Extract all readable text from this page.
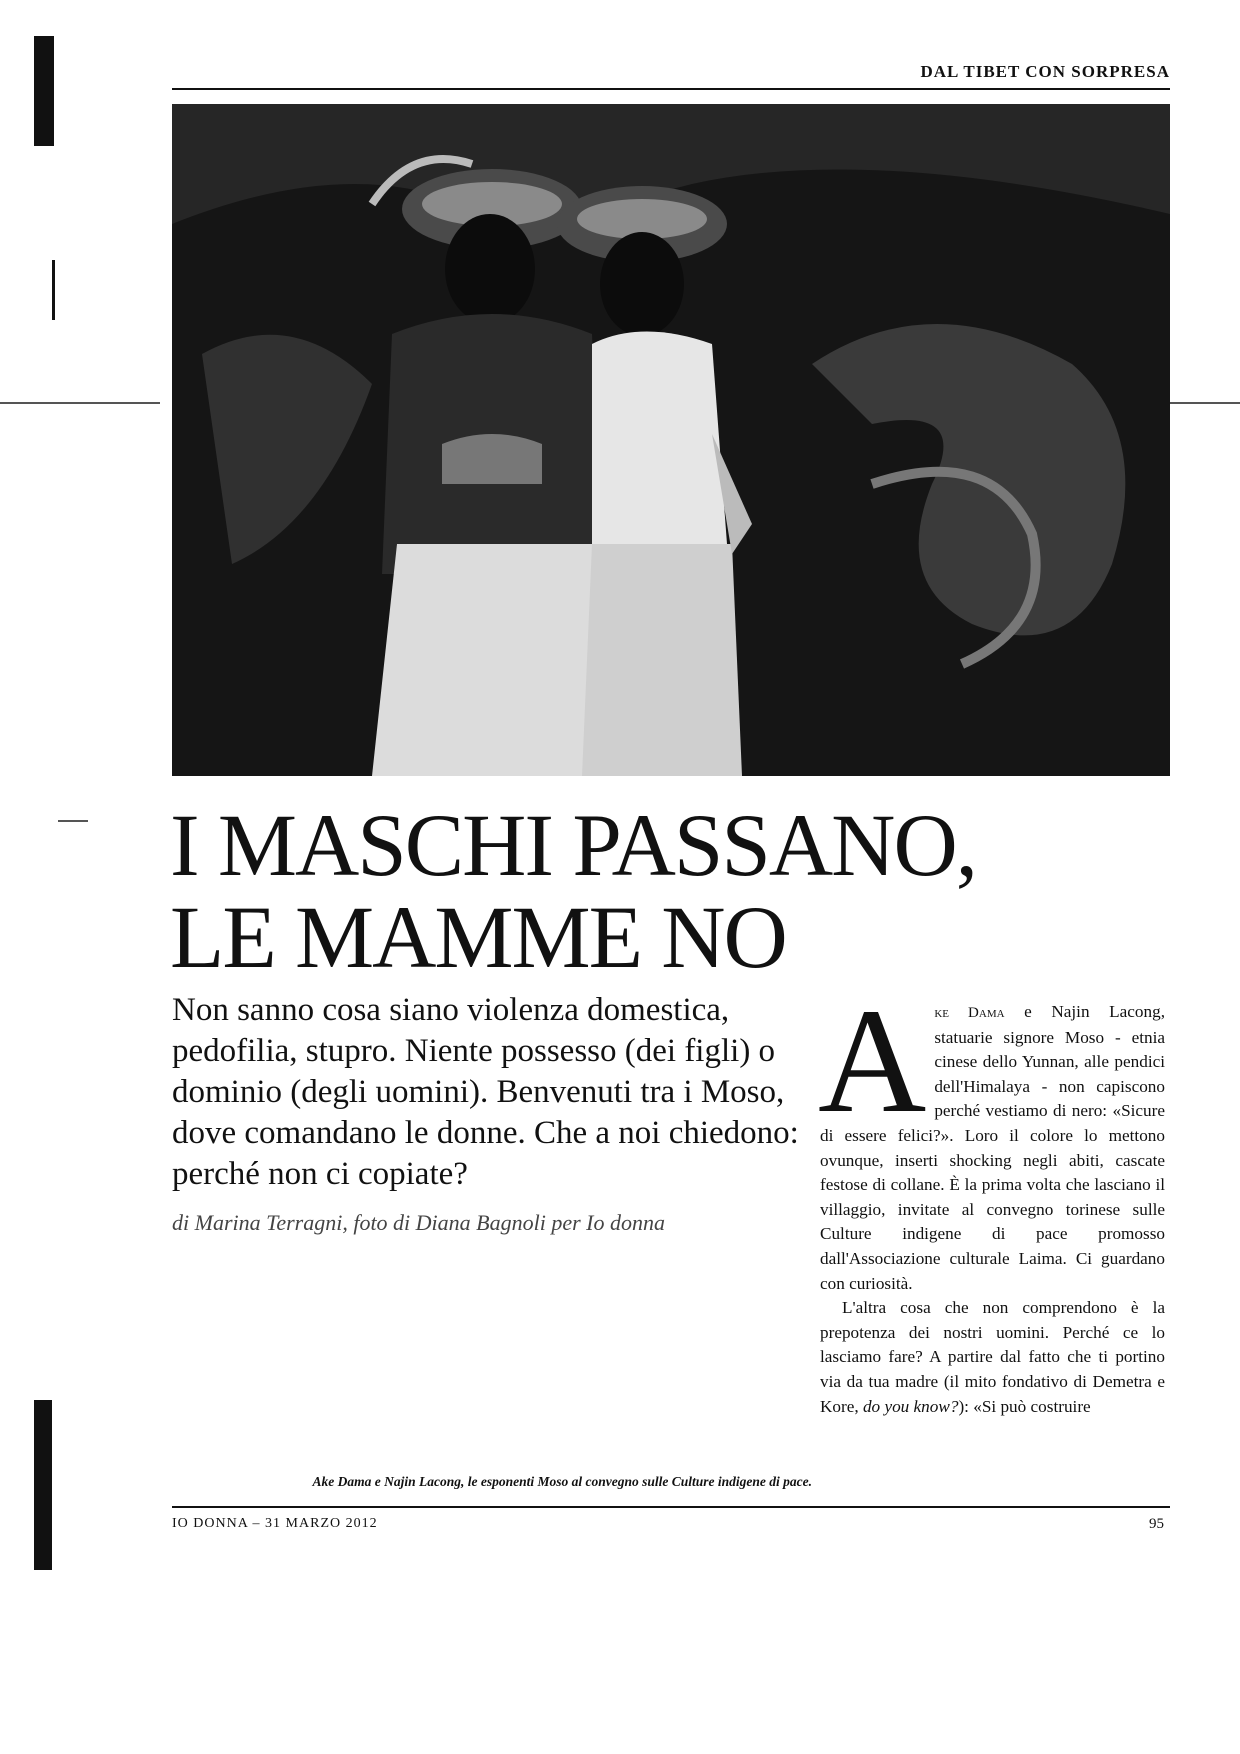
DAL TIBET CON SORPRESA
I MASCHI PASSANO,
LE MAMME NO
Non sanno cosa siano violenza domestica, pedofilia, stupro. Niente possesso (dei figli) o dominio (degli uomini). Benvenuti tra i Moso, dove comandano le donne. Che a noi chiedono: perché non ci copiate?
di Marina Terragni, foto di Diana Bagnoli per Io donna
Ake Dama e Najin Lacong, le esponenti Moso al convegno sulle Culture indigene di pace.

Ake Dama e Najin Lacong, statuarie signore Moso - etnia cinese dello Yunnan, alle pendici dell'Himalaya - non capiscono perché vestiamo di nero: «Sicure di essere felici?». Loro il colore lo mettono ovunque, inserti shocking negli abiti, cascate festose di collane. È la prima volta che lasciano il villaggio, invitate al convegno torinese sulle Culture indigene di pace promosso dall'Associazione culturale Laima. Ci guardano con curiosità.

L'altra cosa che non comprendono è la prepotenza dei nostri uomini. Perché ce lo lasciamo fare? A partire dal fatto che ti portino via da tua madre (il mito fondativo di Demetra e Kore, do you know?): «Si può costruire

IO DONNA – 31 MARZO 2012	95
